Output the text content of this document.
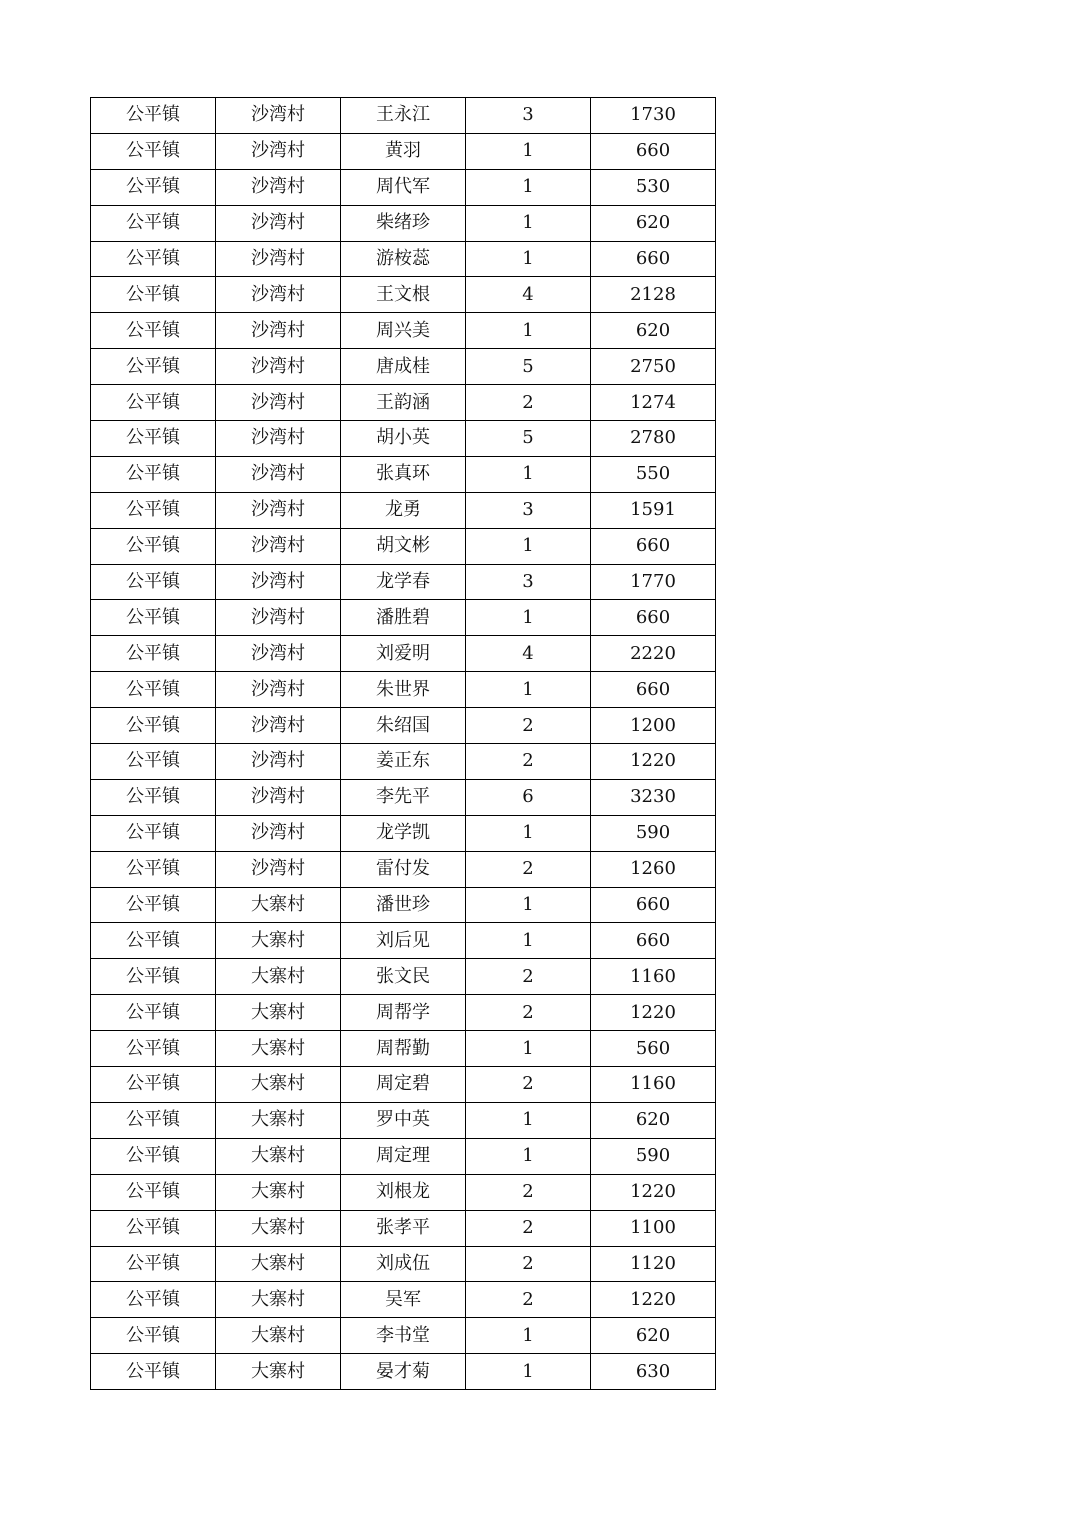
公平镇	沙湾村	王永江	3	1730
公平镇	沙湾村	黄羽	1	660
公平镇	沙湾村	周代军	1	530
公平镇	沙湾村	柴绪珍	1	620
公平镇	沙湾村	游桉蕊	1	660
公平镇	沙湾村	王文根	4	2128
公平镇	沙湾村	周兴美	1	620
公平镇	沙湾村	唐成桂	5	2750
公平镇	沙湾村	王韵涵	2	1274
公平镇	沙湾村	胡小英	5	2780
公平镇	沙湾村	张真环	1	550
公平镇	沙湾村	龙勇	3	1591
公平镇	沙湾村	胡文彬	1	660
公平镇	沙湾村	龙学春	3	1770
公平镇	沙湾村	潘胜碧	1	660
公平镇	沙湾村	刘爱明	4	2220
公平镇	沙湾村	朱世界	1	660
公平镇	沙湾村	朱绍国	2	1200
公平镇	沙湾村	姜正东	2	1220
公平镇	沙湾村	李先平	6	3230
公平镇	沙湾村	龙学凯	1	590
公平镇	沙湾村	雷付发	2	1260
公平镇	大寨村	潘世珍	1	660
公平镇	大寨村	刘后见	1	660
公平镇	大寨村	张文民	2	1160
公平镇	大寨村	周帮学	2	1220
公平镇	大寨村	周帮勤	1	560
公平镇	大寨村	周定碧	2	1160
公平镇	大寨村	罗中英	1	620
公平镇	大寨村	周定理	1	590
公平镇	大寨村	刘根龙	2	1220
公平镇	大寨村	张孝平	2	1100
公平镇	大寨村	刘成伍	2	1120
公平镇	大寨村	吴军	2	1220
公平镇	大寨村	李书堂	1	620
公平镇	大寨村	晏才菊	1	630
